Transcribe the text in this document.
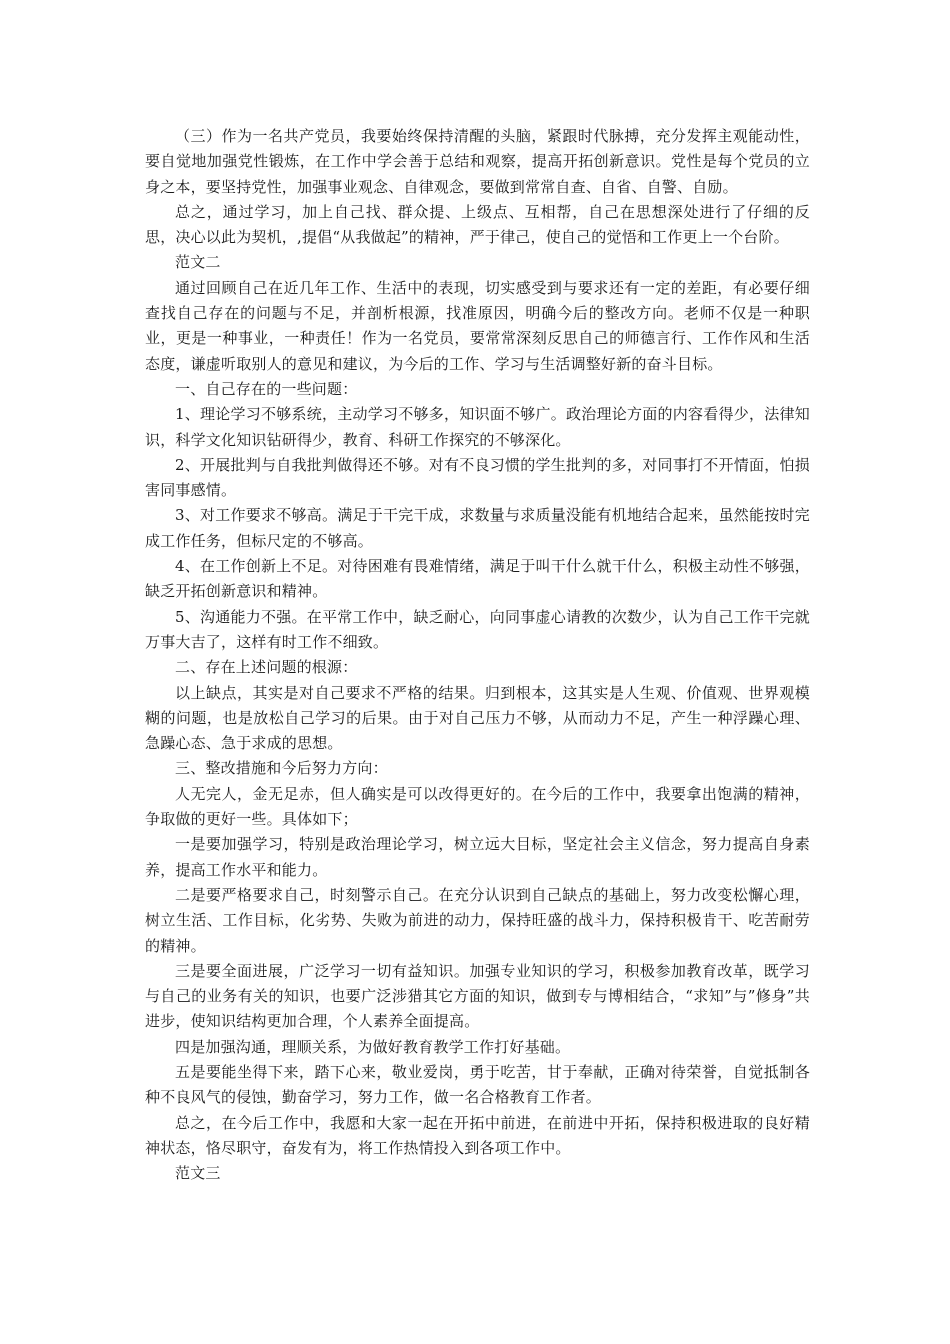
（三）作为一名共产党员，我要始终保持清醒的头脑，紧跟时代脉搏，充分发挥主观能动性，要自觉地加强党性锻炼，在工作中学会善于总结和观察，提高开拓创新意识。党性是每个党员的立身之本，要坚持党性，加强事业观念、自律观念，要做到常常自查、自省、自警、自励。

总之，通过学习，加上自己找、群众提、上级点、互相帮，自己在思想深处进行了仔细的反思，决心以此为契机，,提倡“从我做起”的精神，严于律己，使自己的觉悟和工作更上一个台阶。

范文二

通过回顾自己在近几年工作、生活中的表现，切实感受到与要求还有一定的差距，有必要仔细查找自己存在的问题与不足，并剖析根源，找准原因，明确今后的整改方向。老师不仅是一种职业，更是一种事业，一种责任！作为一名党员，要常常深刻反思自己的师德言行、工作作风和生活态度，谦虚听取别人的意见和建议，为今后的工作、学习与生活调整好新的奋斗目标。

一、自己存在的一些问题：

1、理论学习不够系统，主动学习不够多，知识面不够广。政治理论方面的内容看得少，法律知识，科学文化知识钻研得少，教育、科研工作探究的不够深化。

2、开展批判与自我批判做得还不够。对有不良习惯的学生批判的多，对同事打不开情面，怕损害同事感情。

3、对工作要求不够高。满足于干完干成，求数量与求质量没能有机地结合起来，虽然能按时完成工作任务，但标尺定的不够高。

4、在工作创新上不足。对待困难有畏难情绪，满足于叫干什么就干什么，积极主动性不够强，缺乏开拓创新意识和精神。

5、沟通能力不强。在平常工作中，缺乏耐心，向同事虚心请教的次数少，认为自己工作干完就万事大吉了，这样有时工作不细致。

二、存在上述问题的根源：

以上缺点，其实是对自己要求不严格的结果。归到根本，这其实是人生观、价值观、世界观模糊的问题，也是放松自己学习的后果。由于对自己压力不够，从而动力不足，产生一种浮躁心理、急躁心态、急于求成的思想。

三、整改措施和今后努力方向：

人无完人，金无足赤，但人确实是可以改得更好的。在今后的工作中，我要拿出饱满的精神，争取做的更好一些。具体如下；

一是要加强学习，特别是政治理论学习，树立远大目标，坚定社会主义信念，努力提高自身素养，提高工作水平和能力。

二是要严格要求自己，时刻警示自己。在充分认识到自己缺点的基础上，努力改变松懈心理，树立生活、工作目标，化劣势、失败为前进的动力，保持旺盛的战斗力，保持积极肯干、吃苦耐劳的精神。

三是要全面进展，广泛学习一切有益知识。加强专业知识的学习，积极参加教育改革，既学习与自己的业务有关的知识，也要广泛涉猎其它方面的知识，做到专与博相结合，“求知”与”修身”共进步，使知识结构更加合理，个人素养全面提高。

四是加强沟通，理顺关系，为做好教育教学工作打好基础。

五是要能坐得下来，踏下心来，敬业爱岗，勇于吃苦，甘于奉献，正确对待荣誉，自觉抵制各种不良风气的侵蚀，勤奋学习，努力工作，做一名合格教育工作者。

总之，在今后工作中，我愿和大家一起在开拓中前进，在前进中开拓，保持积极进取的良好精神状态，恪尽职守，奋发有为，将工作热情投入到各项工作中。

范文三
